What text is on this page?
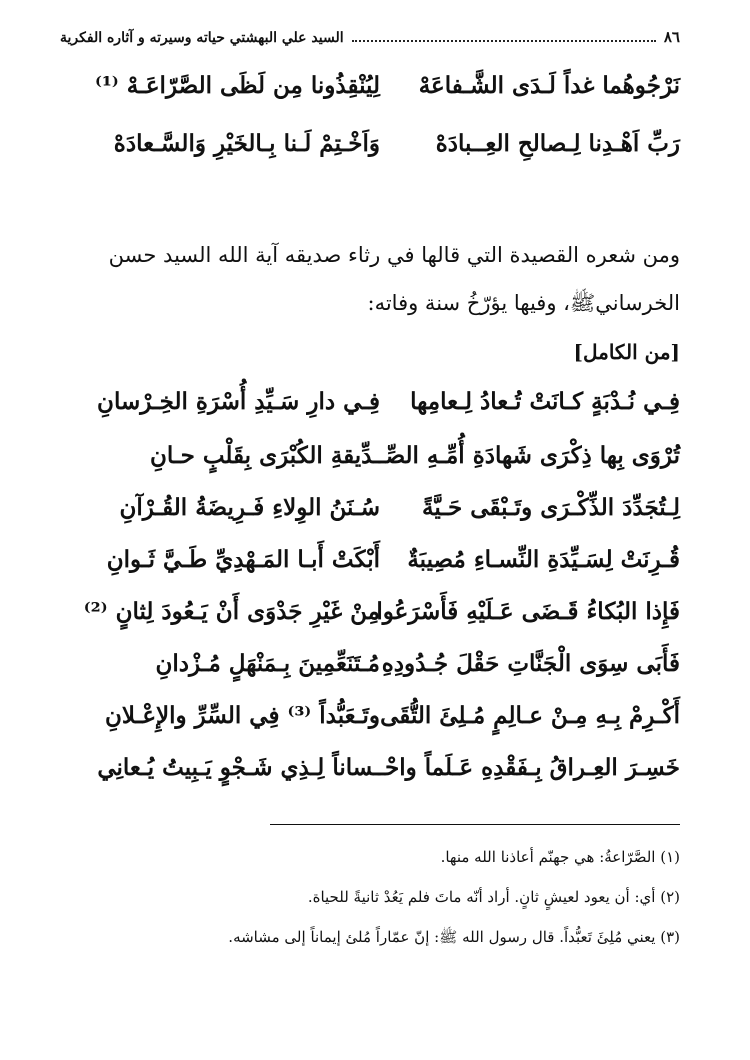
٨٦
السيد علي البهشتي حياته وسيرته و آثاره الفكرية
نَرْجُوهُما غداً لَـدَى الشَّـفاعَهْ
لِيُنْقِذُونا مِن لَظَى الصَّرّاعَـهْ ⁽¹⁾
رَبِّ اَهْـدِنا لِـصالحِ العِــبادَهْ
وَاَخْـتِمْ لَـنا بِـالخَيْرِ وَالسَّـعادَهْ
ومن شعره القصيدة التي قالها في رثاء صديقه آية الله السيد حسن
الخرسانيﷺ، وفيها يؤرّخُ سنة وفاته:
[من الكامل]
فِـي نُـدْبَةٍ كـانَتْ تُـعادُ لِـعامِها
فِـي دارِ سَـيِّدِ أُسْرَةِ الخِـرْسانِ
تُرْوَى بِها ذِكْرَى شَهادَةِ أُمِّـهِ الصِّـ
ـدِّيقةِ الكُبْرَى بِقَلْبٍ حـانِ
لِـتُجَدِّدَ الذِّكْـرَى وتَـبْقَى حَـيَّةً
سُـنَنُ الوِلاءِ فَـرِيضَةُ القُـرْآنِ
قُـرِنَتْ لِسَـيِّدَةِ النِّسـاءِ مُصِيبَةٌ
أَبْكَتْ أَبـا المَـهْدِيِّ طَـيَّ ثَـوانِ
فَإِذا البُكاءُ قَـضَى عَـلَيْهِ فَأَسْرَعُوا
مِنْ غَيْرِ جَدْوَى أَنْ يَـعُودَ لِثانٍ ⁽²⁾
فَأَبَى سِوَى الْجَنَّاتِ حَقْلَ جُـدُودِهِ
مُـتَنَعِّمِينَ بِـمَنْهَلٍ مُـزْدانِ
أَكْـرِمْ بِـهِ مِـنْ عـالِمٍ مُـلِئَ التُّقَى
وتَـعَبُّداً ⁽³⁾ فِي السِّرِّ والإِعْـلانِ
خَسِـرَ العِـراقُ بِـفَقْدِهِ عَـلَماً واحْـ
ـساناً لِـذِي شَـجْوٍ يَـبِيتُ يُـعانِي
(١) الصَّرّاعةُ: هي جهنّم أعاذنا الله منها.
(٢) أي: أن يعود لعيشٍ ثانٍ. أراد أنّه ماتَ فلم يَعُدْ ثانيةً للحياة.
(٣) يعني مُلِئَ تَعبُّداً. قال رسول الله ﷺ: إنّ عمّاراً مُلئ إيماناً إلى مشاشه.
